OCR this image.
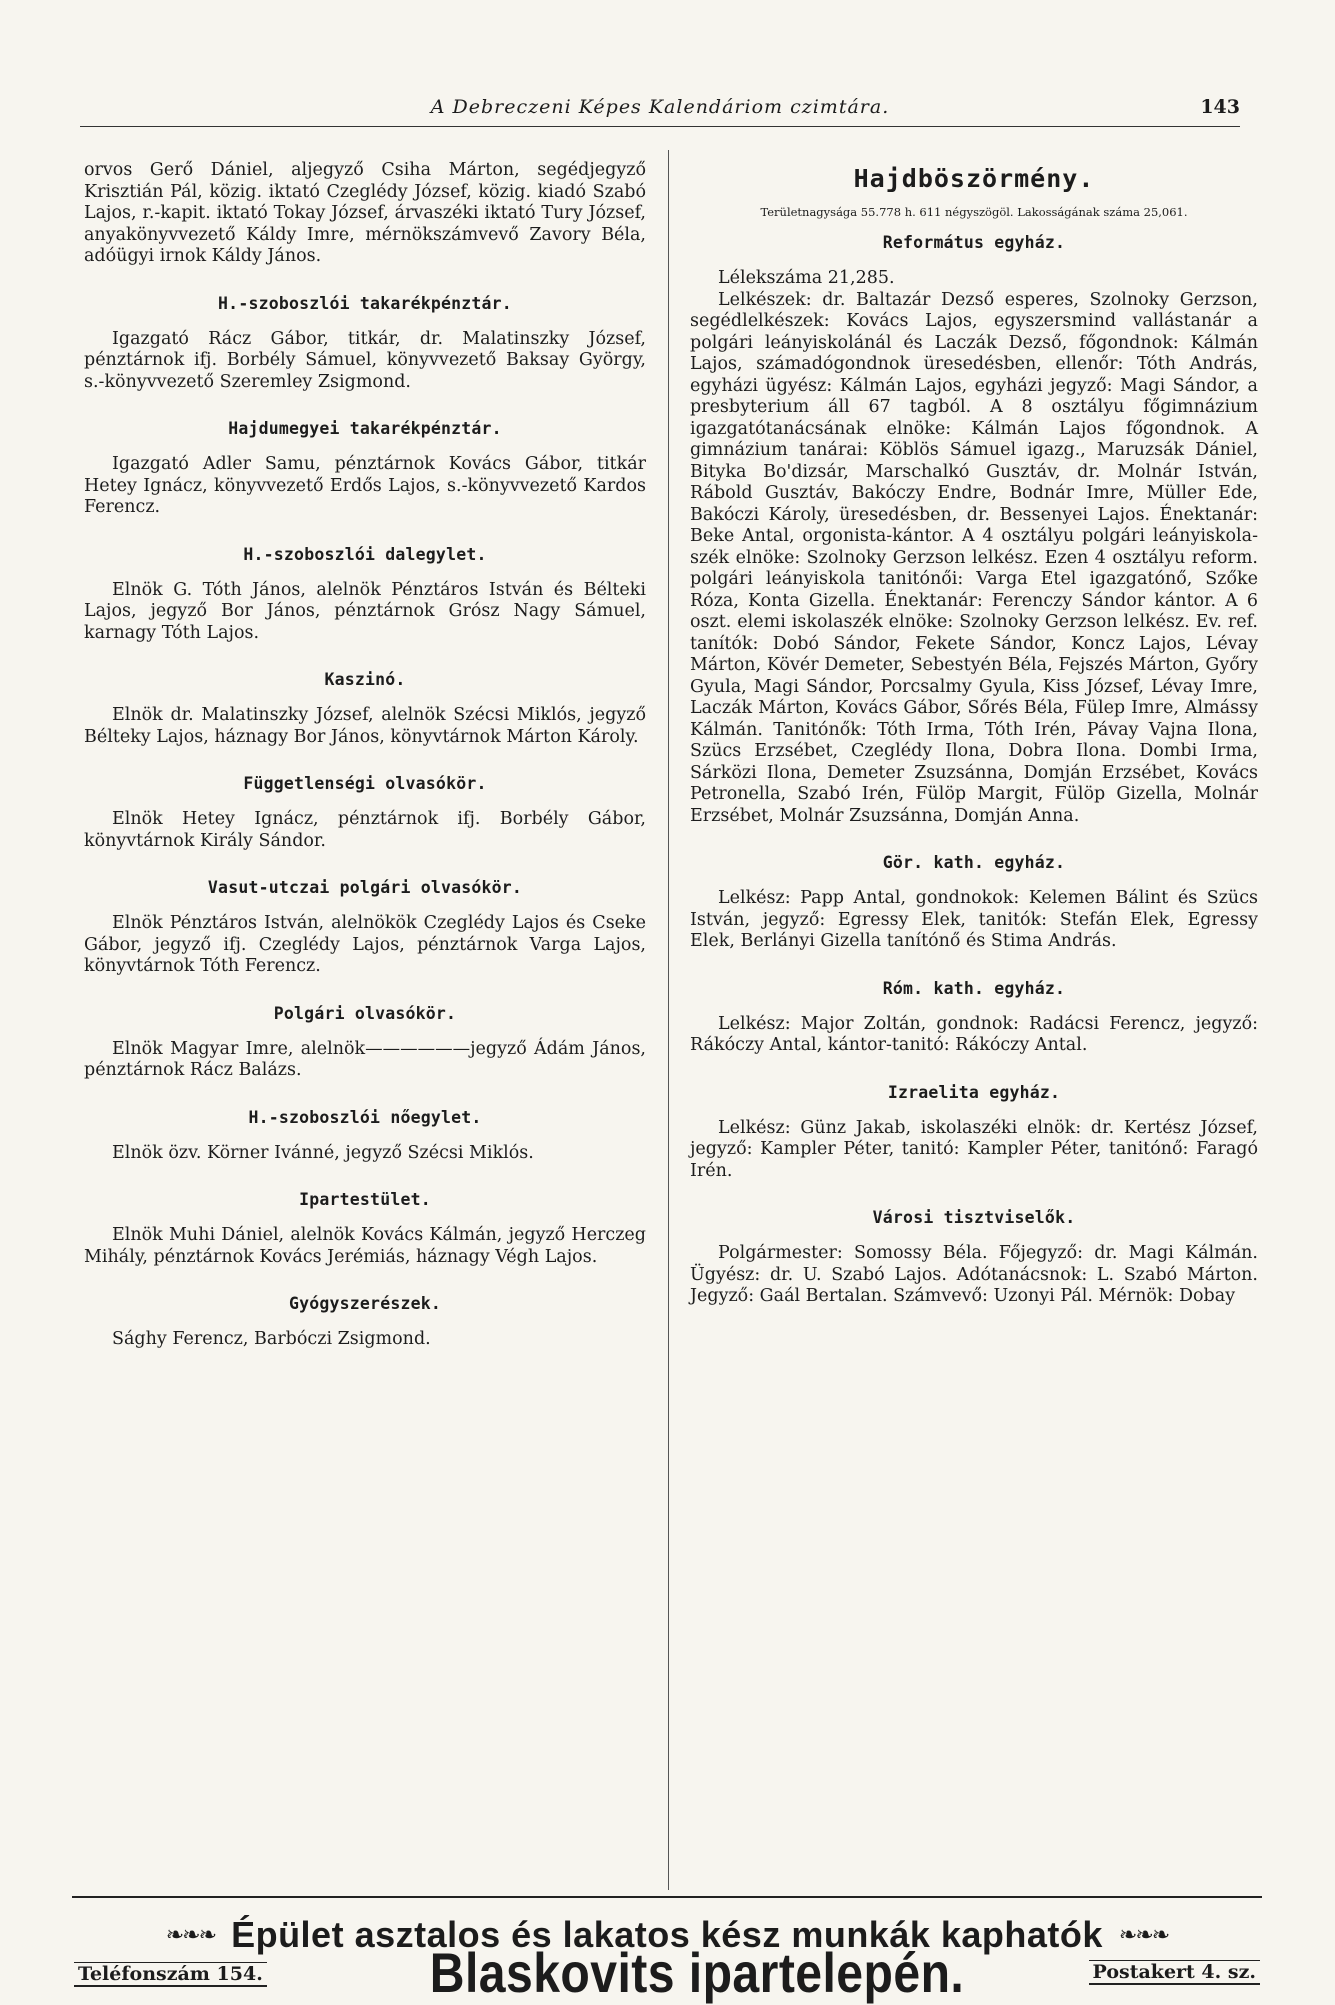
A Debreczeni Képes Kalendáriom czimtára.	143

orvos Gerő Dániel, aljegyző Csiha Márton, segédjegyző Krisztián Pál, közig. iktató Czeglédy József, közig. kiadó Szabó Lajos, r.-kapit. iktató Tokay József, árvaszéki iktató Tury József, anyakönyvvezető Káldy Imre, mérnökszámvevő Zavory Béla, adóügyi irnok Káldy János.

H.-szoboszlói takarékpénztár.

Igazgató Rácz Gábor, titkár, dr. Malatinszky József, pénztárnok ifj. Borbély Sámuel, könyvvezető Baksay György, s.-könyvvezető Szeremley Zsigmond.

Hajdumegyei takarékpénztár.

Igazgató Adler Samu, pénztárnok Kovács Gábor, titkár Hetey Ignácz, könyvvezető Erdős Lajos, s.-könyvvezető Kardos Ferencz.

H.-szoboszlói dalegylet.

Elnök G. Tóth János, alelnök Pénztáros István és Bélteki Lajos, jegyző Bor János, pénztárnok Grósz Nagy Sámuel, karnagy Tóth Lajos.

Kaszinó.

Elnök dr. Malatinszky József, alelnök Szécsi Miklós, jegyző Bélteky Lajos, háznagy Bor János, könyvtárnok Márton Károly.

Függetlenségi olvasókör.

Elnök Hetey Ignácz, pénztárnok ifj. Borbély Gábor, könyvtárnok Király Sándor.

Vasut-utczai polgári olvasókör.

Elnök Pénztáros István, alelnökök Czeglédy Lajos és Cseke Gábor, jegyző ifj. Czeglédy Lajos, pénztárnok Varga Lajos, könyvtárnok Tóth Ferencz.

Polgári olvasókör.

Elnök Magyar Imre, alelnök——————jegyző Ádám János, pénztárnok Rácz Balázs.

H.-szoboszlói nőegylet.

Elnök özv. Körner Ivánné, jegyző Szécsi Miklós.

Ipartestület.

Elnök Muhi Dániel, alelnök Kovács Kálmán, jegyző Herczeg Mihály, pénztárnok Kovács Jerémiás, háznagy Végh Lajos.

Gyógyszerészek.

Sághy Ferencz, Barbóczi Zsigmond.

Hajdböszörmény.
Területnagysága 55.778 h. 611 négyszögöl. Lakosságának száma 25,061.
Református egyház.

Lélekszáma 21,285.

Lelkészek: dr. Baltazár Dezső esperes, Szolnoky Gerzson, segédlelkészek: Kovács Lajos, egyszersmind vallástanár a polgári leányiskolánál és Laczák Dezső, főgondnok: Kálmán Lajos, számadógondnok üresedésben, ellenőr: Tóth András, egyházi ügyész: Kálmán Lajos, egyházi jegyző: Magi Sándor, a presbyterium áll 67 tagból. A 8 osztályu főgimnázium igazgatótanácsának elnöke: Kálmán Lajos főgondnok. A gimnázium tanárai: Köblös Sámuel igazg., Maruzsák Dániel, Bityka Bo'dizsár, Marschalkó Gusztáv, dr. Molnár István, Rábold Gusztáv, Bakóczy Endre, Bodnár Imre, Müller Ede, Bakóczi Károly, üresedésben, dr. Bessenyei Lajos. Énektanár: Beke Antal, orgonista-kántor. A 4 osztályu polgári leányiskola-szék elnöke: Szolnoky Gerzson lelkész. Ezen 4 osztályu reform. polgári leányiskola tanitónői: Varga Etel igazgatónő, Szőke Róza, Konta Gizella. Énektanár: Ferenczy Sándor kántor. A 6 oszt. elemi iskolaszék elnöke: Szolnoky Gerzson lelkész. Ev. ref. tanítók: Dobó Sándor, Fekete Sándor, Koncz Lajos, Lévay Márton, Kövér Demeter, Sebestyén Béla, Fejszés Márton, Győry Gyula, Magi Sándor, Porcsalmy Gyula, Kiss József, Lévay Imre, Laczák Márton, Kovács Gábor, Sőrés Béla, Fülep Imre, Almássy Kálmán. Tanitónők: Tóth Irma, Tóth Irén, Pávay Vajna Ilona, Szücs Erzsébet, Czeglédy Ilona, Dobra Ilona. Dombi Irma, Sárközi Ilona, Demeter Zsuzsánna, Domján Erzsébet, Kovács Petronella, Szabó Irén, Fülöp Margit, Fülöp Gizella, Molnár Erzsébet, Molnár Zsuzsánna, Domján Anna.

Gör. kath. egyház.

Lelkész: Papp Antal, gondnokok: Kelemen Bálint és Szücs István, jegyző: Egressy Elek, tanitók: Stefán Elek, Egressy Elek, Berlányi Gizella tanítónő és Stima András.

Róm. kath. egyház.

Lelkész: Major Zoltán, gondnok: Radácsi Ferencz, jegyző: Rákóczy Antal, kántor-tanitó: Rákóczy Antal.

Izraelita egyház.

Lelkész: Günz Jakab, iskolaszéki elnök: dr. Kertész József, jegyző: Kampler Péter, tanitó: Kampler Péter, tanitónő: Faragó Irén.

Városi tisztviselők.

Polgármester: Somossy Béla. Főjegyző: dr. Magi Kálmán. Ügyész: dr. U. Szabó Lajos. Adótanácsnok: L. Szabó Márton. Jegyző: Gaál Bertalan. Számvevő: Uzonyi Pál. Mérnök: Dobay

❧❧❧ Épület asztalos és lakatos kész munkák kaphatók ❧❧❧
Teléfonszám 154.	Blaskovits ipartelepén.	Postakert 4. sz.
